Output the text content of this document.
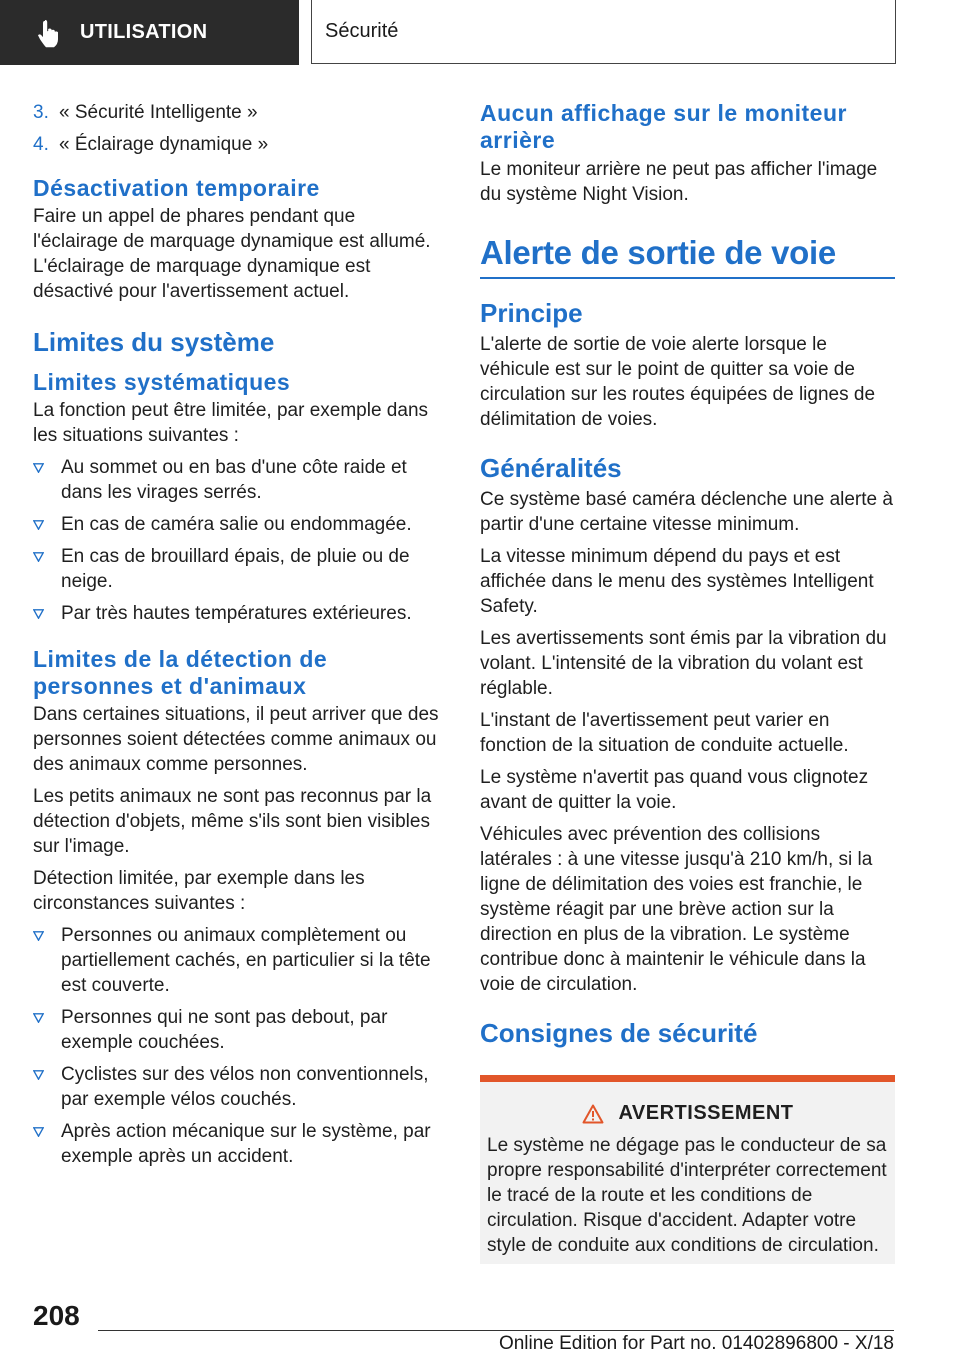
UTILISATION	Sécurité
3. « Sécurité Intelligente »
4. « Éclairage dynamique »
Désactivation temporaire

Faire un appel de phares pendant que l'éclairage de marquage dynamique est allumé. L'éclairage de marquage dynamique est désactivé pour l'avertissement actuel.

Limites du système
Limites systématiques

La fonction peut être limitée, par exemple dans les situations suivantes :

Au sommet ou en bas d'une côte raide et dans les virages serrés.
En cas de caméra salie ou endommagée.
En cas de brouillard épais, de pluie ou de neige.
Par très hautes températures extérieures.
Limites de la détection de personnes et d'animaux

Dans certaines situations, il peut arriver que des personnes soient détectées comme animaux ou des animaux comme personnes.

Les petits animaux ne sont pas reconnus par la détection d'objets, même s'ils sont bien visibles sur l'image.

Détection limitée, par exemple dans les circonstances suivantes :

Personnes ou animaux complètement ou partiellement cachés, en particulier si la tête est couverte.
Personnes qui ne sont pas debout, par exemple couchées.
Cyclistes sur des vélos non conventionnels, par exemple vélos couchés.
Après action mécanique sur le système, par exemple après un accident.
Aucun affichage sur le moniteur arrière

Le moniteur arrière ne peut pas afficher l'image du système Night Vision.

Alerte de sortie de voie
Principe

L'alerte de sortie de voie alerte lorsque le véhicule est sur le point de quitter sa voie de circulation sur les routes équipées de lignes de délimitation de voies.

Généralités

Ce système basé caméra déclenche une alerte à partir d'une certaine vitesse minimum.

La vitesse minimum dépend du pays et est affichée dans le menu des systèmes Intelligent Safety.

Les avertissements sont émis par la vibration du volant. L'intensité de la vibration du volant est réglable.

L'instant de l'avertissement peut varier en fonction de la situation de conduite actuelle.

Le système n'avertit pas quand vous clignotez avant de quitter la voie.

Véhicules avec prévention des collisions latérales : à une vitesse jusqu'à 210 km/h, si la ligne de délimitation des voies est franchie, le système réagit par une brève action sur la direction en plus de la vibration. Le système contribue donc à maintenir le véhicule dans la voie de circulation.

Consignes de sécurité
AVERTISSEMENT

Le système ne dégage pas le conducteur de sa propre responsabilité d'interpréter correctement le tracé de la route et les conditions de circulation. Risque d'accident. Adapter votre style de conduite aux conditions de circulation.

208
Online Edition for Part no. 01402896800 - X/18
